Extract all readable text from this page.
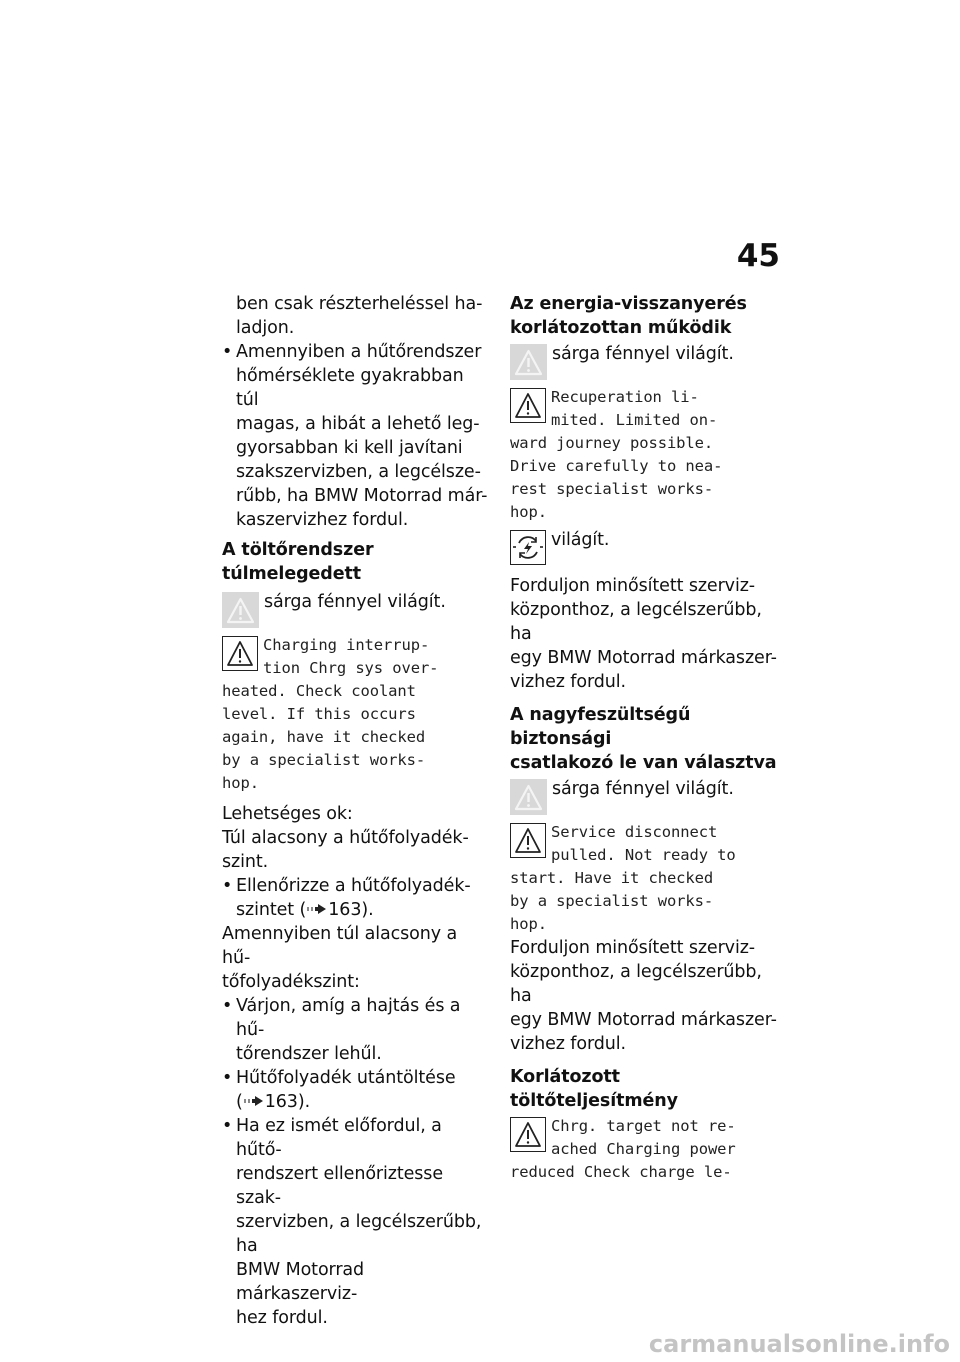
45
ben csak részterheléssel ha-
ladjon.
• Amennyiben a hűtőrendszer
hőmérséklete gyakrabban túl
magas, a hibát a lehető leg-
gyorsabban ki kell javítani
szakszervizben, a legcélsze-
rűbb, ha BMW Motorrad már-
kaszervizhez fordul.
A töltőrendszer túlmelegedett
sárga fénnyel világít.
Charging interrup-
tion Chrg sys over-
heated. Check coolant
level. If this occurs
again, have it checked
by a specialist works-
hop.
Lehetséges ok:
Túl alacsony a hűtőfolyadék-
szint.
• Ellenőrizze a hűtőfolyadék-
szintet ( 163).
Amennyiben túl alacsony a hű-
tőfolyadékszint:
• Várjon, amíg a hajtás és a hű-
tőrendszer lehűl.
• Hűtőfolyadék utántöltése
( 163).
• Ha ez ismét előfordul, a hűtő-
rendszert ellenőriztesse szak-
szervizben, a legcélszerűbb, ha
BMW Motorrad márkaszerviz-
hez fordul.
Az energia-visszanyerés
korlátozottan működik
sárga fénnyel világít.
Recuperation li-
mited. Limited on-
ward journey possible.
Drive carefully to nea-
rest specialist works-
hop.
világít.
Forduljon minősített szerviz-
központhoz, a legcélszerűbb, ha
egy BMW Motorrad márkaszer-
vizhez fordul.
A nagyfeszültségű biztonsági
csatlakozó le van választva
sárga fénnyel világít.
Service disconnect
pulled. Not ready to
start. Have it checked
by a specialist works-
hop.
Forduljon minősített szerviz-
központhoz, a legcélszerűbb, ha
egy BMW Motorrad márkaszer-
vizhez fordul.
Korlátozott töltőteljesítmény
Chrg. target not re-
ached Charging power
reduced Check charge le-
carmanualsonline.info
